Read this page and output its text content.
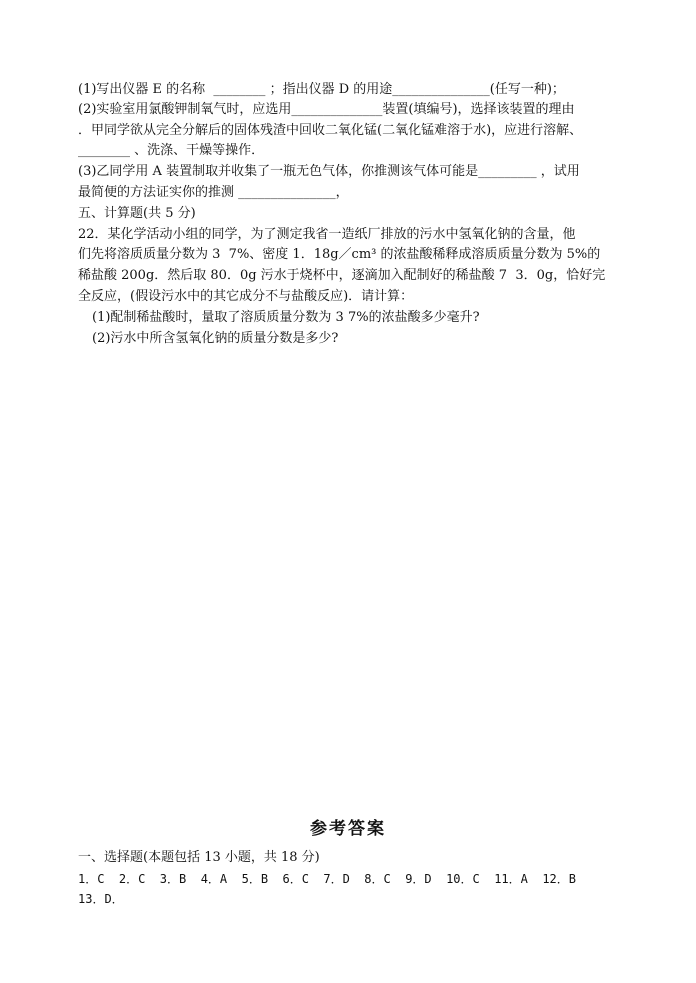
(1)写出仪器 E 的名称  ________ ；指出仪器 D 的用途_______________(任写一种)；
(2)实验室用氯酸钾制氧气时，应选用______________装置(填编号)，选择该装置的理由
．甲同学欲从完全分解后的固体残渣中回收二氧化锰(二氧化锰难溶于水)，应进行溶解、
________ 、洗涤、干燥等操作．
(3)乙同学用 A 装置制取并收集了一瓶无色气体，你推测该气体可能是_________ ，试用
最简便的方法证实你的推测 _______________，
五、计算题(共 5 分)
22．某化学活动小组的同学，为了测定我省一造纸厂排放的污水中氢氧化钠的含量，他
们先将溶质质量分数为 3  7%、密度 1．18g／cm³ 的浓盐酸稀释成溶质质量分数为 5%的
稀盐酸 200g．然后取 80．0g 污水于烧杯中，逐滴加入配制好的稀盐酸 7  3．0g，恰好完
全反应，(假设污水中的其它成分不与盐酸反应)．请计算：
(1)配制稀盐酸时，量取了溶质质量分数为 3 7%的浓盐酸多少毫升?
(2)污水中所含氢氧化钠的质量分数是多少?
参考答案
一、选择题(本题包括 13 小题，共 18 分)
1．C  2．C  3．B  4．A  5．B  6．C  7．D  8．C  9．D  10．C  11．A  12．B
13．D．
